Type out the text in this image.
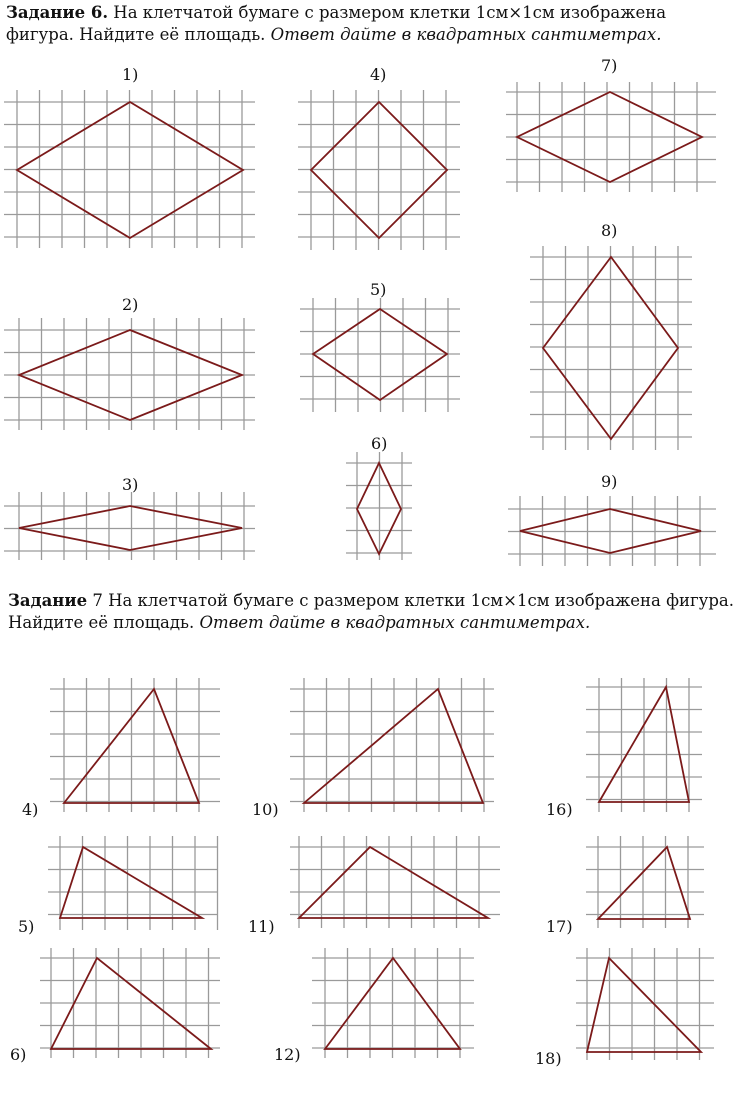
Задание 6. На клетчатой бумаге с размером клетки 1см×1см изображена фигура. Найдите её площадь. Ответ дайте в квадратных сантиметрах.
Задание 7 На клетчатой бумаге с размером клетки 1см×1см изображена фигура. Найдите её площадь. Ответ дайте в квадратных сантиметрах.
1)
2)
3)
4)
5)
6)
7)
8)
9)
4)
5)
6)
10)
11)
12)
16)
17)
18)
